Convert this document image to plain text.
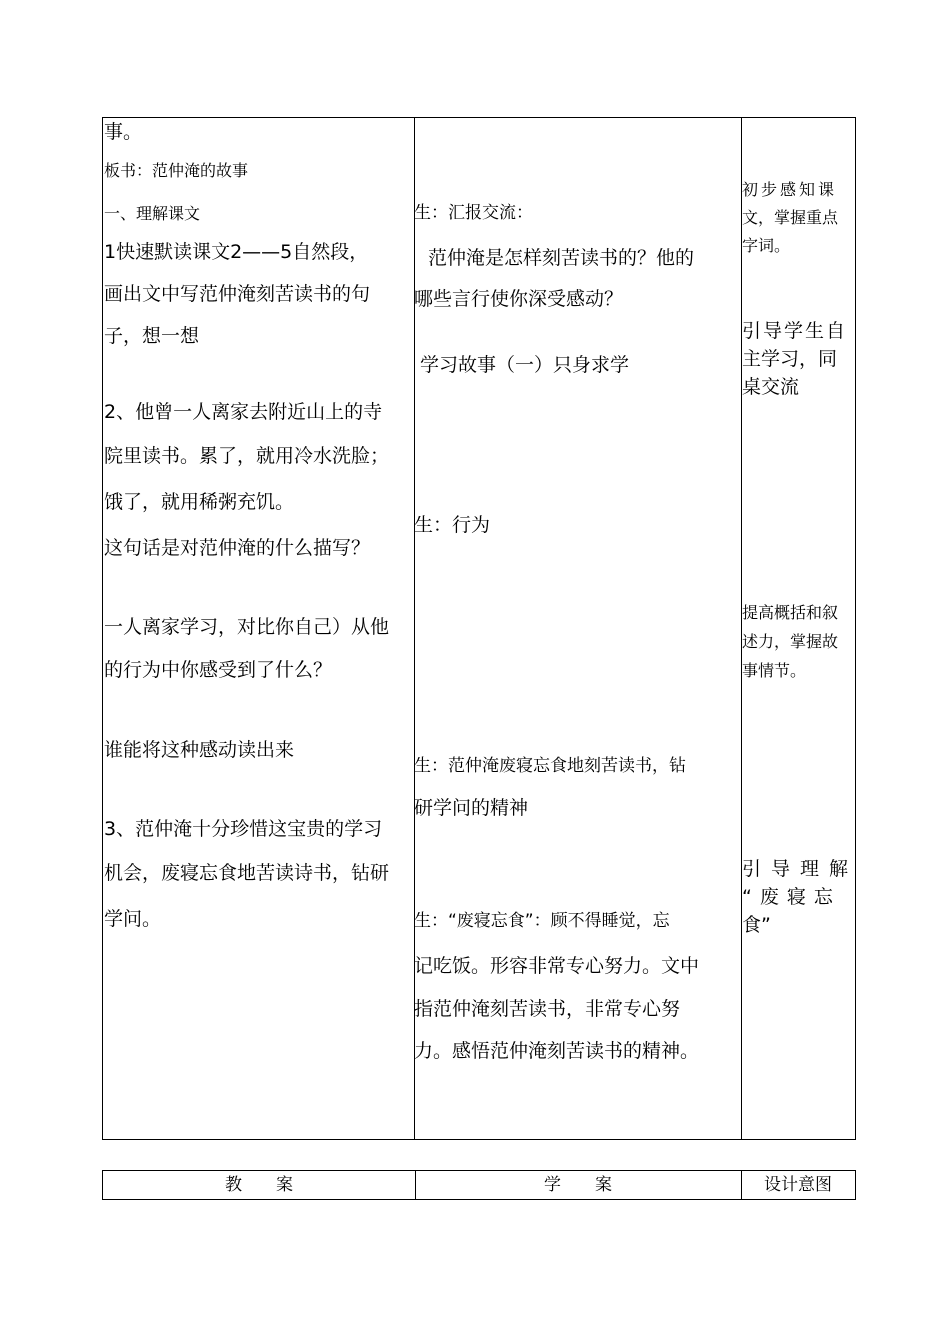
事。

板书：范仲淹的故事

一、理解课文

1快速默读课文2——5自然段，

画出文中写范仲淹刻苦读书的句

子，想一想

2、他曾一人离家去附近山上的寺

院里读书。累了，就用冷水洗脸；

饿了，就用稀粥充饥。

这句话是对范仲淹的什么描写？

一人离家学习，对比你自己）从他

的行为中你感受到了什么？

谁能将这种感动读出来

3、范仲淹十分珍惜这宝贵的学习

机会，废寝忘食地苦读诗书，钻研

学问。

生：汇报交流：

范仲淹是怎样刻苦读书的？他的

哪些言行使你深受感动？

学习故事（一）只身求学

生：行为

生：范仲淹废寝忘食地刻苦读书，钻

研学问的精神

生：“废寝忘食”：顾不得睡觉，忘

记吃饭。形容非常专心努力。文中

指范仲淹刻苦读书，非常专心努

力。感悟范仲淹刻苦读书的精神。

初步感知课

文，掌握重点

字词。

引导学生自

主学习，同

桌交流

提高概括和叙

述力，掌握故

事情节。

引导理解

“废寝忘

食”

教　　案	学　　案	设计意图
